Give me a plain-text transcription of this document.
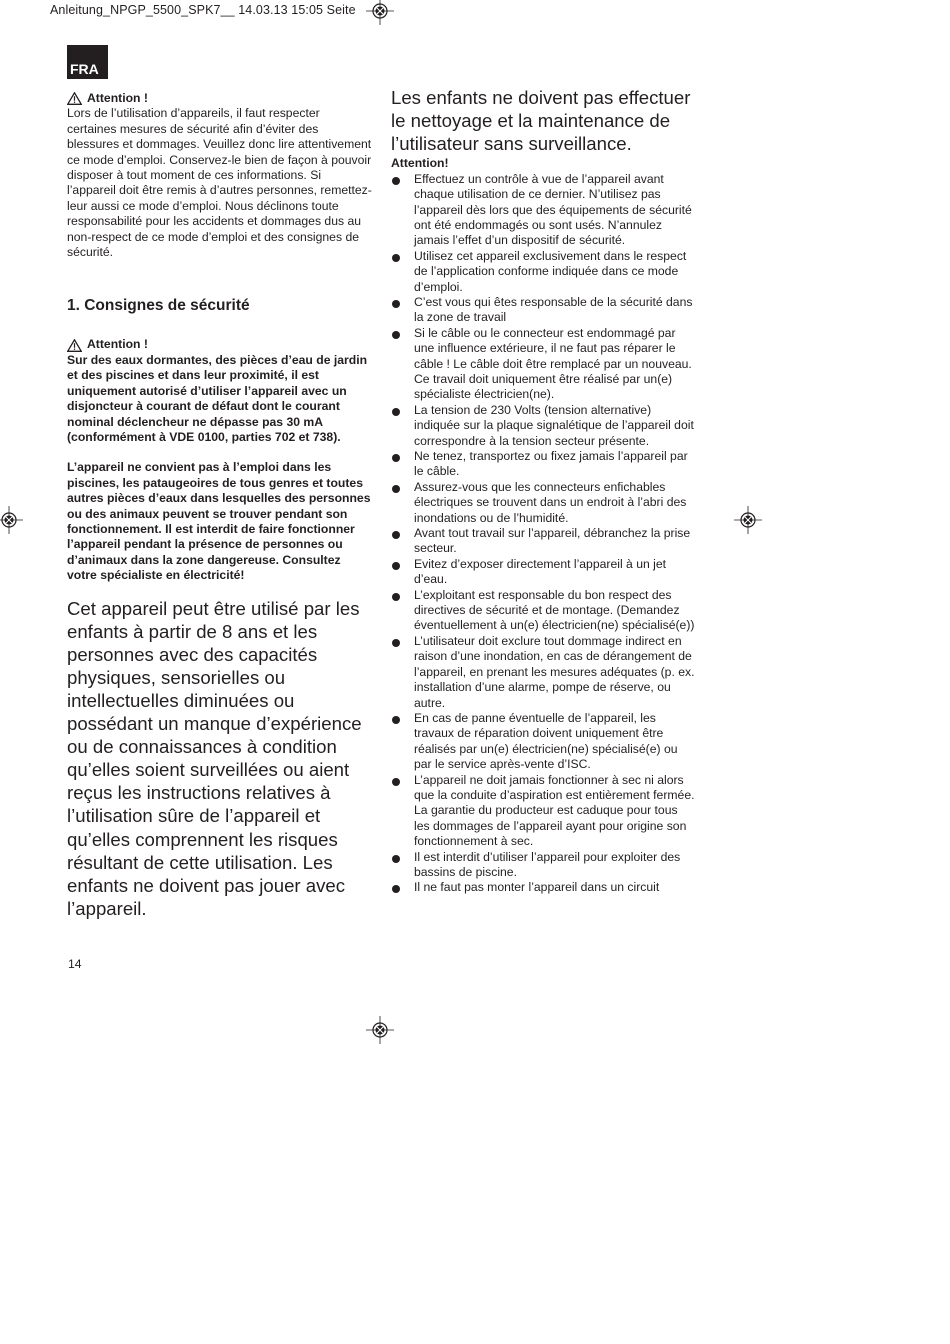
Anleitung_NPGP_5500_SPK7__ 14.03.13 15:05 Seite
FRA
Attention !

Lors de l’utilisation d’appareils, il faut respecter certaines mesures de sécurité afin d’éviter des blessures et dommages. Veuillez donc lire attentivement ce mode d’emploi. Conservez-le bien de façon à pouvoir disposer à tout moment de ces informations. Si l’appareil doit être remis à d’autres personnes, remettez-leur aussi ce mode d’emploi. Nous déclinons toute responsabilité pour les accidents et dommages dus au non-respect de ce mode d’emploi et des consignes de sécurité.

1. Consignes de sécurité
Attention !

Sur des eaux dormantes, des pièces d’eau de jardin et des piscines et dans leur proximité, il est uniquement autorisé d’utiliser l’appareil avec un disjoncteur à courant de défaut dont le courant nominal déclencheur ne dépasse pas 30 mA (conformément à VDE 0100, parties 702 et 738).

L’appareil ne convient pas à l’emploi dans les piscines, les pataugeoires de tous genres et toutes autres pièces d’eaux dans lesquelles des personnes ou des animaux peuvent se trouver pendant son fonctionnement. Il est interdit de faire fonctionner l’appareil pendant la présence de personnes ou d’animaux dans la zone dangereuse. Consultez votre spécialiste en électricité!

Cet appareil peut être utilisé par les enfants à partir de 8 ans et les personnes avec des capacités physiques, sensorielles ou intellectuelles diminuées ou possédant un manque d’expérience ou de connaissances à condition qu’elles soient surveillées ou aient reçus les instructions relatives à l’utilisation sûre de l’appareil et qu’elles comprennent les risques résultant de cette utilisation. Les enfants ne doivent pas jouer avec l’appareil.

Les enfants ne doivent pas effectuer le nettoyage et la maintenance de l’utilisateur sans surveillance.

Attention!
Effectuez un contrôle à vue de l’appareil avant chaque utilisation de ce dernier. N’utilisez pas l’appareil dès lors que des équipements de sécurité ont été endommagés ou sont usés. N’annulez jamais l’effet d’un dispositif de sécurité.
Utilisez cet appareil exclusivement dans le respect de l’application conforme indiquée dans ce mode d’emploi.
C’est vous qui êtes responsable de la sécurité dans la zone de travail
Si le câble ou le connecteur est endommagé par une influence extérieure, il ne faut pas réparer le câble ! Le câble doit être remplacé par un nouveau. Ce travail doit uniquement être réalisé par un(e) spécialiste électricien(ne).
La tension de 230 Volts (tension alternative) indiquée sur la plaque signalétique de l’appareil doit correspondre à la tension secteur présente.
Ne tenez, transportez ou fixez jamais l’appareil par le câble.
Assurez-vous que les connecteurs enfichables électriques se trouvent dans un endroit à l’abri des inondations ou de l’humidité.
Avant tout travail sur l’appareil, débranchez la prise secteur.
Evitez d’exposer directement l’appareil à un jet d’eau.
L’exploitant est responsable du bon respect des directives de sécurité et de montage. (Demandez éventuellement à un(e) électricien(ne) spécialisé(e))
L’utilisateur doit exclure tout dommage indirect en raison d’une inondation, en cas de dérangement de l’appareil, en prenant les mesures adéquates (p. ex. installation d’une alarme, pompe de réserve, ou autre.
En cas de panne éventuelle de l’appareil, les travaux de réparation doivent uniquement être réalisés par un(e) électricien(ne) spécialisé(e) ou par le service après-vente d’ISC.
L’appareil ne doit jamais fonctionner à sec ni alors que la conduite d’aspiration est entièrement fermée. La garantie du producteur est caduque pour tous les dommages de l’appareil ayant pour origine son fonctionnement à sec.
Il est interdit d’utiliser l’appareil pour exploiter des bassins de piscine.
Il ne faut pas monter l’appareil dans un circuit
14
